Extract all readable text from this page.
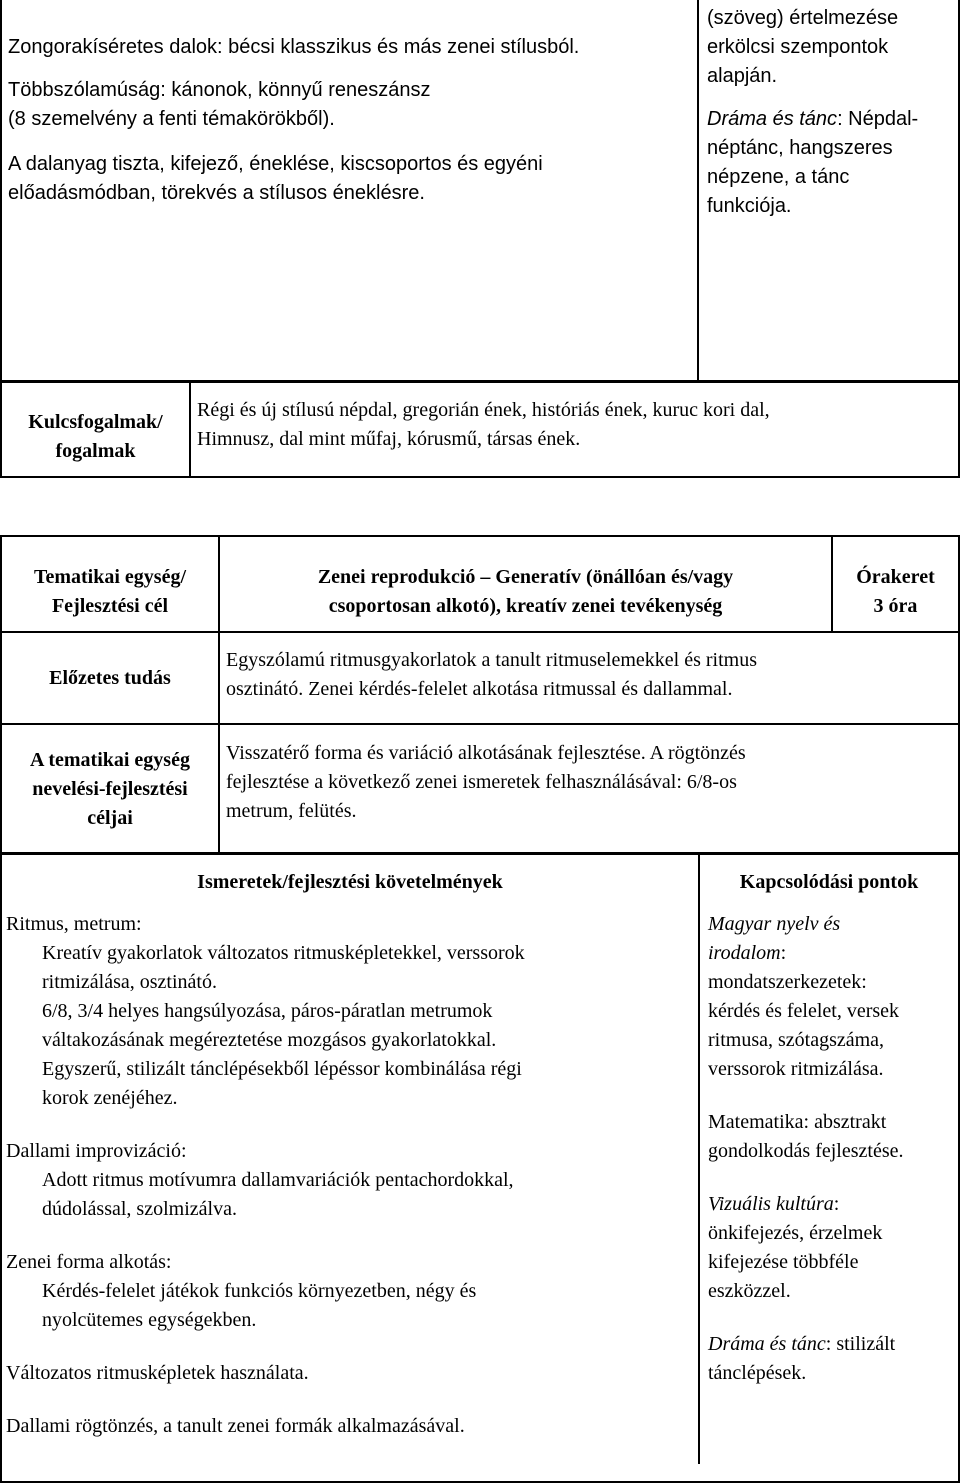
Zongorakíséretes dalok: bécsi klasszikus és más zenei stílusból.
Többszólamúság: kánonok, könnyű reneszánsz
(8 szemelvény a fenti témakörökből).
A dalanyag tiszta, kifejező, éneklése, kiscsoportos és egyéni
előadásmódban, törekvés a stílusos éneklésre.
(szöveg) értelmezése
erkölcsi szempontok
alapján.
Dráma és tánc: Népdal-
néptánc, hangszeres
népzene, a tánc
funkciója.
Kulcsfogalmak/
fogalmak
Régi és új stílusú népdal, gregorián ének, históriás ének, kuruc kori dal,
Himnusz, dal mint műfaj, kórusmű, társas ének.
Tematikai egység/
Fejlesztési cél
Zenei reprodukció – Generatív (önállóan és/vagy
csoportosan alkotó), kreatív zenei tevékenység
Órakeret
3 óra
Előzetes tudás
Egyszólamú ritmusgyakorlatok a tanult ritmuselemekkel és ritmus
osztinátó. Zenei kérdés-felelet alkotása ritmussal és dallammal.
A tematikai egység
nevelési-fejlesztési
céljai
Visszatérő forma és variáció alkotásának fejlesztése. A rögtönzés
fejlesztése a következő zenei ismeretek felhasználásával: 6/8-os
metrum, felütés.
Ismeretek/fejlesztési követelmények	Kapcsolódási pontok
Ritmus, metrum:
Kreatív gyakorlatok változatos ritmusképletekkel, verssorok
ritmizálása, osztinátó.
6/8, 3/4 helyes hangsúlyozása, páros-páratlan metrumok
váltakozásának megéreztetése mozgásos gyakorlatokkal.
Egyszerű, stilizált tánclépésekből lépéssor kombinálása régi
korok zenéjéhez.
Dallami improvizáció:
Adott ritmus motívumra dallamvariációk pentachordokkal,
dúdolással, szolmizálva.
Zenei forma alkotás:
Kérdés-felelet játékok funkciós környezetben, négy és
nyolcütemes egységekben.
Változatos ritmusképletek használata.
Dallami rögtönzés, a tanult zenei formák alkalmazásával.
Magyar nyelv és
irodalom:
mondatszerkezetek:
kérdés és felelet, versek
ritmusa, szótagszáma,
verssorok ritmizálása.
Matematika: absztrakt
gondolkodás fejlesztése.
Vizuális kultúra:
önkifejezés, érzelmek
kifejezése többféle
eszközzel.
Dráma és tánc: stilizált
tánclépések.
